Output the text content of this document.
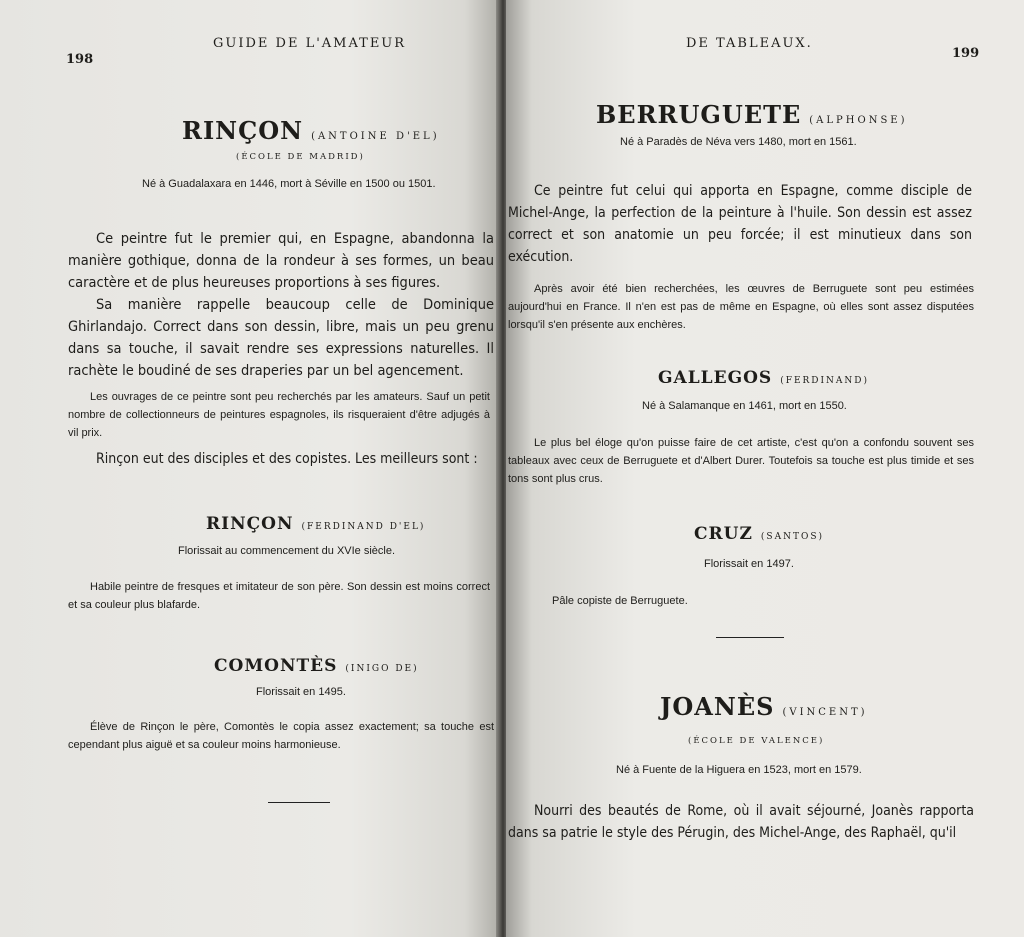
198
GUIDE DE L'AMATEUR
RINÇON (ANTOINE D'EL)
(ÉCOLE DE MADRID)
Né à Guadalaxara en 1446, mort à Séville en 1500 ou 1501.
Ce peintre fut le premier qui, en Espagne, abandonna la manière gothique, donna de la rondeur à ses formes, un beau caractère et de plus heureuses proportions à ses figures.
Sa manière rappelle beaucoup celle de Dominique Ghirlandajo. Correct dans son dessin, libre, mais un peu grenu dans sa touche, il savait rendre ses expressions naturelles. Il rachète le boudiné de ses draperies par un bel agencement.
Les ouvrages de ce peintre sont peu recherchés par les amateurs. Sauf un petit nombre de collectionneurs de peintures espagnoles, ils risqueraient d'être adjugés à vil prix.
Rinçon eut des disciples et des copistes. Les meilleurs sont :
RINÇON (FERDINAND D'EL)
Florissait au commencement du XVIe siècle.
Habile peintre de fresques et imitateur de son père. Son dessin est moins correct et sa couleur plus blafarde.
COMONTÈS (INIGO DE)
Florissait en 1495.
Élève de Rinçon le père, Comontès le copia assez exactement; sa touche est cependant plus aiguë et sa couleur moins harmonieuse.
DE TABLEAUX.
199
BERRUGUETE (ALPHONSE)
Né à Paradès de Néva vers 1480, mort en 1561.
Ce peintre fut celui qui apporta en Espagne, comme disciple de Michel-Ange, la perfection de la peinture à l'huile. Son dessin est assez correct et son anatomie un peu forcée; il est minutieux dans son exécution.
Après avoir été bien recherchées, les œuvres de Berruguete sont peu estimées aujourd'hui en France. Il n'en est pas de même en Espagne, où elles sont assez disputées lorsqu'il s'en présente aux enchères.
GALLEGOS (FERDINAND)
Né à Salamanque en 1461, mort en 1550.
Le plus bel éloge qu'on puisse faire de cet artiste, c'est qu'on a confondu souvent ses tableaux avec ceux de Berruguete et d'Albert Durer. Toutefois sa touche est plus timide et ses tons sont plus crus.
CRUZ (SANTOS)
Florissait en 1497.
Pâle copiste de Berruguete.
JOANÈS (VINCENT)
(ÉCOLE DE VALENCE)
Né à Fuente de la Higuera en 1523, mort en 1579.
Nourri des beautés de Rome, où il avait séjourné, Joanès rapporta dans sa patrie le style des Pérugin, des Michel-Ange, des Raphaël, qu'il
